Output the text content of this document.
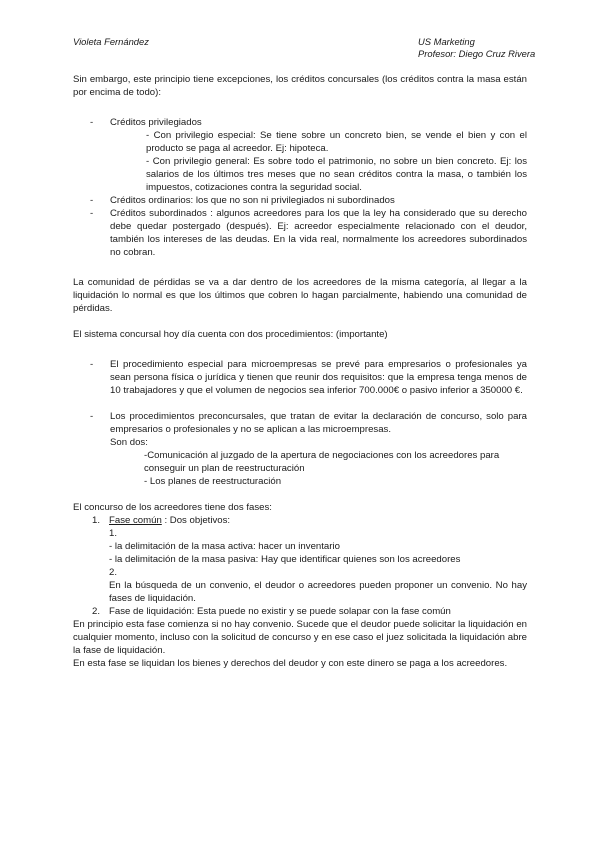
Violeta Fernández	US Marketing
Profesor: Diego Cruz Rivera

Sin embargo, este principio tiene excepciones, los créditos concursales (los créditos contra la masa están por encima de todo):

- Créditos privilegiados
- Con privilegio especial: Se tiene sobre un concreto bien, se vende el bien y con el producto se paga al acreedor. Ej: hipoteca.
- Con privilegio general: Es sobre todo el patrimonio, no sobre un bien concreto. Ej: los salarios de los últimos tres meses que no sean créditos contra la masa, o también los impuestos, cotizaciones contra la seguridad social.
- Créditos ordinarios: los que no son ni privilegiados ni subordinados
- Créditos subordinados : algunos acreedores para los que la ley ha considerado que su derecho debe quedar postergado (después). Ej: acreedor especialmente relacionado con el deudor, también los intereses de las deudas. En la vida real, normalmente los acreedores subordinados no cobran.

La comunidad de pérdidas se va a dar dentro de los acreedores de la misma categoría, al llegar a la liquidación lo normal es que los últimos que cobren lo hagan parcialmente, habiendo una comunidad de pérdidas.

El sistema concursal hoy día cuenta con dos procedimientos: (importante)

- El procedimiento especial para microempresas se prevé para empresarios o profesionales ya sean persona física o jurídica y tienen que reunir dos requisitos: que la empresa tenga menos de 10 trabajadores y que el volumen de negocios sea inferior 700.000€ o pasivo inferior a 350000 €.
- Los procedimientos preconcursales, que tratan de evitar la declaración de concurso, solo para empresarios o profesionales y no se aplican a las microempresas.
Son dos:
-Comunicación al juzgado de la apertura de negociaciones con los acreedores para conseguir un plan de reestructuración
- Los planes de reestructuración

El concurso de los acreedores tiene dos fases:

1. Fase común : Dos objetivos:
1.
- la delimitación de la masa activa: hacer un inventario
- la delimitación de la masa pasiva: Hay que identificar quienes son los acreedores
2.
En la búsqueda de un convenio, el deudor o acreedores pueden proponer un convenio. No hay fases de liquidación.
2. Fase de liquidación: Esta puede no existir y se puede solapar con la fase común

En principio esta fase comienza si no hay convenio. Sucede que el deudor puede solicitar la liquidación en cualquier momento, incluso con la solicitud de concurso y en ese caso el juez solicitada la liquidación abre la fase de liquidación.

En esta fase se liquidan los bienes y derechos del deudor y con este dinero se paga a los acreedores.
